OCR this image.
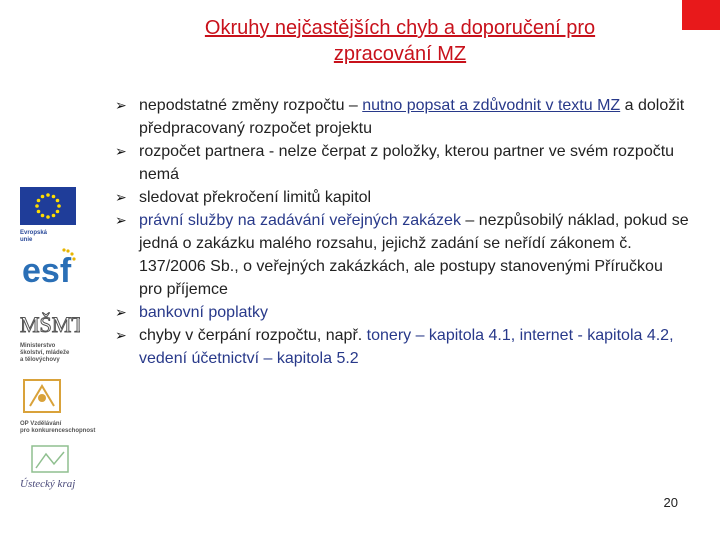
Okruhy nejčastějších chyb a doporučení pro
zpracování MZ
Evropská
unie
esf
MŠMT
Ministerstvo
školství, mládeže
a tělovýchovy
OP Vzdělávání
pro konkurenceschopnost
Ústecký kraj
➢ nepodstatné změny rozpočtu – nutno popsat a zdůvodnit v textu MZ a doložit předpracovaný rozpočet projektu
➢ rozpočet partnera - nelze čerpat z položky, kterou partner ve svém rozpočtu nemá
➢ sledovat překročení limitů kapitol
➢ právní služby na zadávání veřejných zakázek – nezpůsobilý náklad, pokud se jedná o zakázku malého rozsahu, jejichž zadání se neřídí zákonem č. 137/2006 Sb., o veřejných zakázkách, ale postupy stanovenými Příručkou pro příjemce
➢ bankovní poplatky
➢ chyby v čerpání rozpočtu, např. tonery – kapitola 4.1, internet - kapitola 4.2, vedení účetnictví – kapitola 5.2
20
